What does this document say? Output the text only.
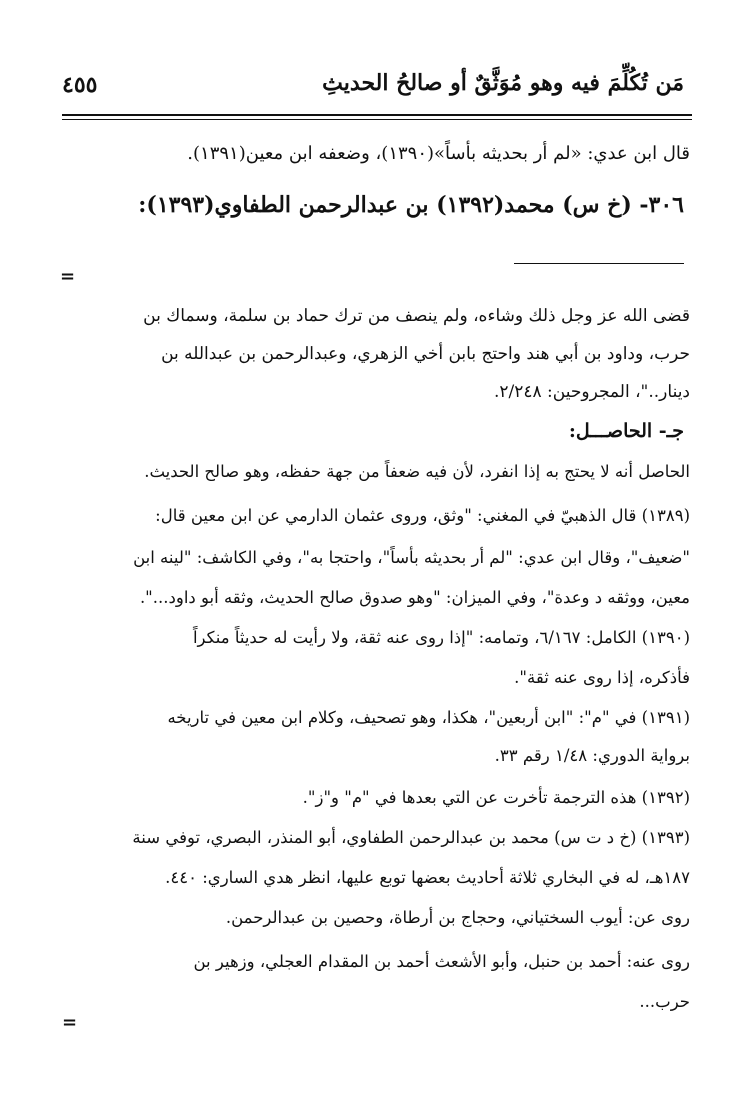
مَن تُكُلِّمَ فيه وهو مُوَثَّقٌ أو صالحُ الحديثِ
٤٥٥
قال ابن عدي: «لم أر بحديثه بأساً»(١٣٩٠)، وضعفه ابن معين(١٣٩١).
٣٠٦- (خ س) محمد(١٣٩٢) بن عبدالرحمن الطفاوي(١٣٩٣):
=
قضى الله عز وجل ذلك وشاءه، ولم ينصف من ترك حماد بن سلمة، وسماك بن
حرب، وداود بن أبي هند واحتج بابن أخي الزهري، وعبدالرحمن بن عبدالله بن
دينار.."، المجروحين: ٢/٢٤٨.
جـ- الحاصـــل:
الحاصل أنه لا يحتج به إذا انفرد، لأن فيه ضعفاً من جهة حفظه، وهو صالح الحديث.
(١٣٨٩) قال الذهبيّ في المغني: "وثق، وروى عثمان الدارمي عن ابن معين قال:
"ضعيف"، وقال ابن عدي: "لم أر بحديثه بأساً"، واحتجا به"، وفي الكاشف: "لينه ابن
معين، ووثقه د وعدة"، وفي الميزان: "وهو صدوق صالح الحديث، وثقه أبو داود...".
(١٣٩٠) الكامل: ٦/١٦٧، وتمامه: "إذا روى عنه ثقة، ولا رأيت له حديثاً منكراً
فأذكره، إذا روى عنه ثقة".
(١٣٩١) في "م": "ابن أربعين"، هكذا، وهو تصحيف، وكلام ابن معين في تاريخه
برواية الدوري: ١/٤٨ رقم ٣٣.
(١٣٩٢) هذه الترجمة تأخرت عن التي بعدها في "م" و"ز".
(١٣٩٣) (خ د ت س) محمد بن عبدالرحمن الطفاوي، أبو المنذر، البصري، توفي سنة
١٨٧هـ، له في البخاري ثلاثة أحاديث بعضها توبع عليها، انظر هدي الساري: ٤٤٠.
روى عن: أيوب السختياني، وحجاج بن أرطاة، وحصين بن عبدالرحمن.
روى عنه: أحمد بن حنبل، وأبو الأشعث أحمد بن المقدام العجلي، وزهير بن
حرب...
=
